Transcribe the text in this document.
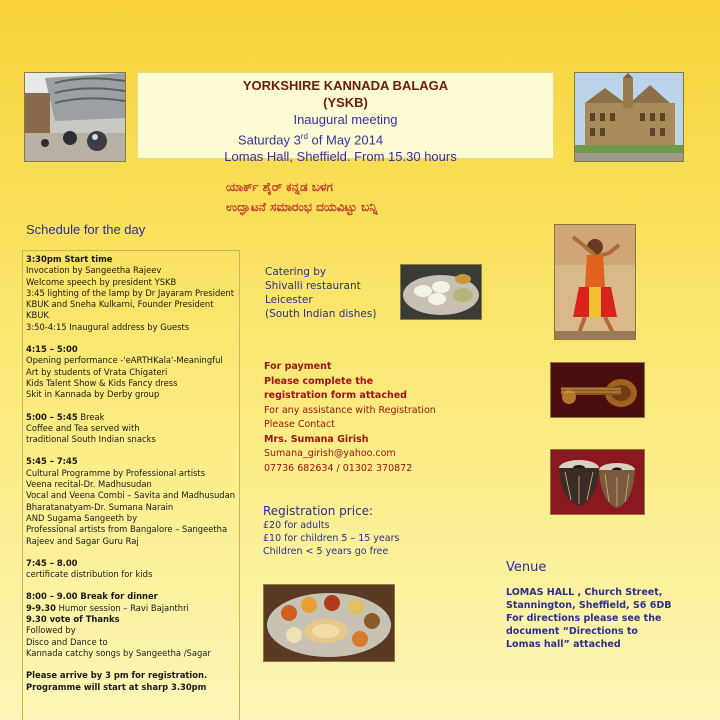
YORKSHIRE KANNADA BALAGA
(YSKB)
Inaugural meeting
Saturday 3rd of May 2014
Lomas Hall, Sheffield. From 15.30 hours
ಯಾರ್ಕ್ ಶೈರ್ ಕನ್ನಡ ಬಳಗ
ಉದ್ಘಾಟನೆ ಸಮಾರಂಭ ದಯವಿಟ್ಟು ಬನ್ನಿ
Schedule for the day
3:30pm Start time
Invocation by Sangeetha Rajeev
Welcome speech by president YSKB
3:45 lighting of the lamp by Dr Jayaram President KBUK and Sneha Kulkarni, Founder President KBUK
3:50-4:15 Inaugural address by Guests
4:15 – 5:00
Opening performance -'eARTHKala'-Meaningful Art by students of Vrata Chigateri
Kids Talent Show & Kids Fancy dress
Skit in Kannada by Derby group
5:00 – 5:45 Break
Coffee and Tea served with
traditional South Indian snacks
5:45 – 7:45
Cultural Programme by Professional artists
Veena recital-Dr. Madhusudan
Vocal and Veena Combi – Savita and Madhusudan
Bharatanatyam-Dr. Sumana Narain
AND Sugama Sangeeth by
Professional artists from Bangalore – Sangeetha Rajeev and Sagar Guru Raj
7:45 – 8.00
certificate distribution for kids
8:00 – 9.00 Break for dinner
9-9.30 Humor session – Ravi Bajanthri
9.30 vote of Thanks
Followed by
Disco and Dance to
Kannada catchy songs by Sangeetha /Sagar
Please arrive by 3 pm for registration.
Programme will start at sharp 3.30pm
Catering by
Shivalli restaurant
Leicester
(South Indian dishes)
For payment
Please complete the
registration form attached
For any assistance with Registration
Please Contact
Mrs. Sumana Girish
Sumana_girish@yahoo.com
07736 682634 / 01302 370872
Registration price:
£20 for adults
£10 for children 5 – 15 years
Children < 5 years go free
Venue
LOMAS HALL , Church Street,
Stannington, Sheffield, S6 6DB
For directions please see the
document “Directions to
Lomas hall” attached
